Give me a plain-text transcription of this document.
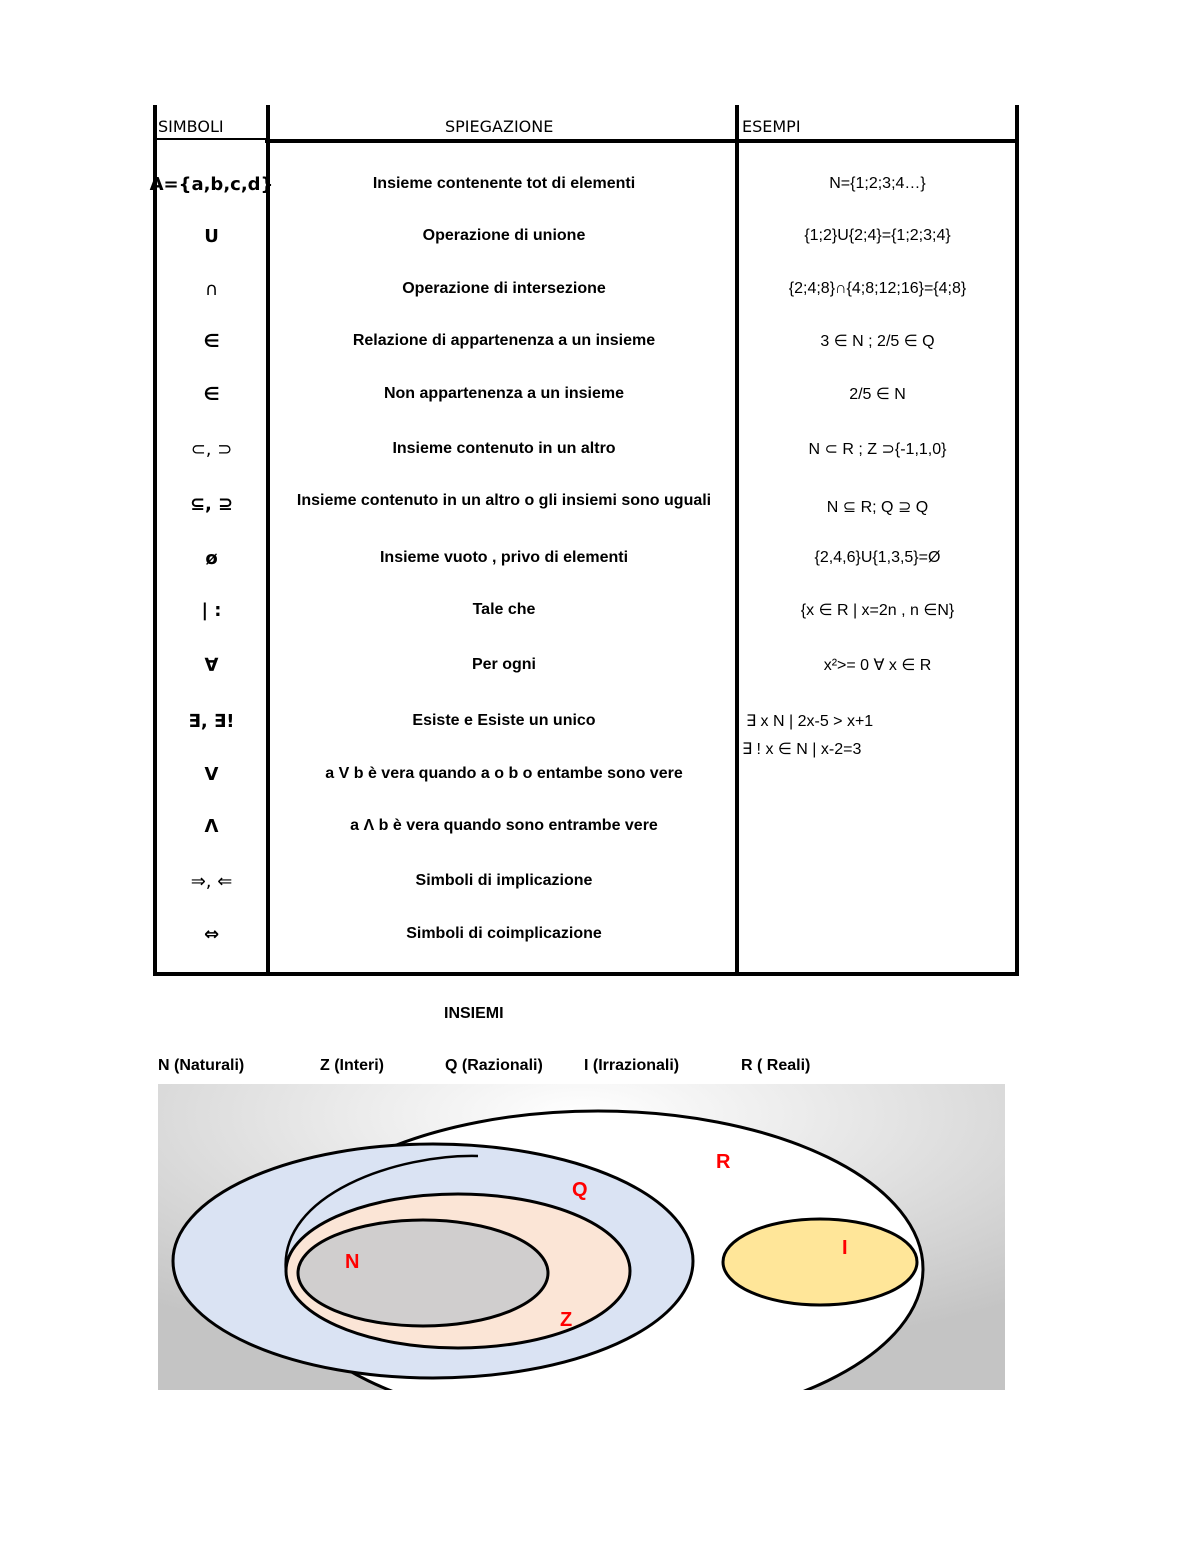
SIMBOLI	SPIEGAZIONE	ESEMPI
A={a,b,c,d}	Insieme contenente tot di elementi	N={1;2;3;4…}
U	Operazione di unione	{1;2}U{2;4}={1;2;3;4}
∩	Operazione di intersezione	{2;4;8}∩{4;8;12;16}={4;8}
∈	Relazione di appartenenza a un insieme	3 ∈ N ; 2/5 ∈ Q
∈	Non appartenenza a un insieme	2/5 ∈ N
⊂, ⊃	Insieme contenuto in un altro	N ⊂ R ; Z ⊃{-1,1,0}
⊆, ⊇	Insieme contenuto in un altro o gli insiemi sono uguali	N ⊆ R; Q ⊇ Q
ø	Insieme vuoto , privo di elementi	{2,4,6}U{1,3,5}=Ø
| :	Tale che	{x ∈ R | x=2n , n ∈N}
∀	Per ogni	x²>= 0 ∀ x ∈ R
∃, ∃!	Esiste e Esiste un unico	∃ x N | 2x-5 > x+1
∃ ! x ∈ N | x-2=3
V	a V b è vera quando a o b o entambe sono vere
Λ	a Λ b è vera quando sono entrambe vere
⇒, ⇐	Simboli di implicazione
⇔	Simboli di coimplicazione
INSIEMI
N (Naturali)	Z (Interi)	Q (Razionali)	I (Irrazionali)	R ( Reali)
R
Q
N
Z
I
